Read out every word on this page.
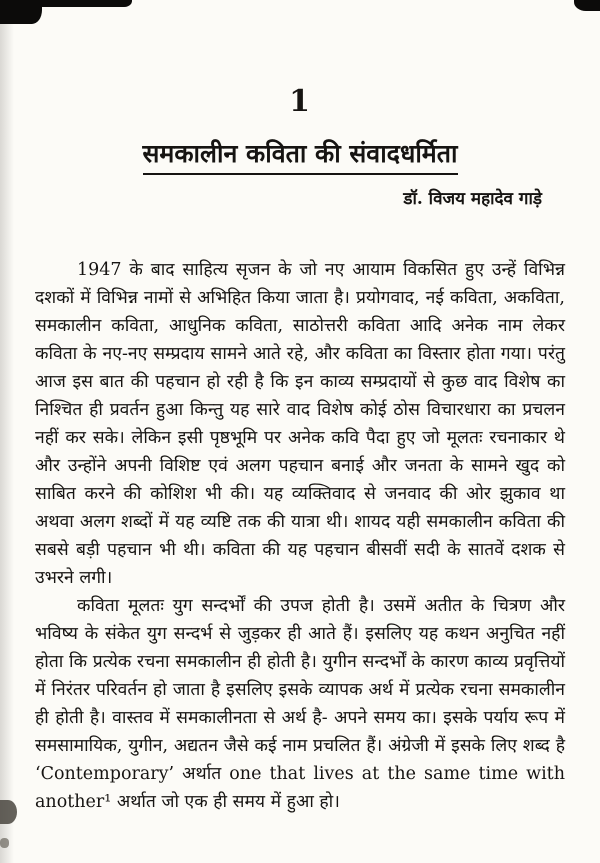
1
समकालीन कविता की संवादधर्मिता
डॉ. विजय महादेव गाड़े

1947 के बाद साहित्य सृजन के जो नए आयाम विकसित हुए उन्हें विभिन्न दशकों में विभिन्न नामों से अभिहित किया जाता है। प्रयोगवाद, नई कविता, अकविता, समकालीन कविता, आधुनिक कविता, साठोत्तरी कविता आदि अनेक नाम लेकर कविता के नए-नए सम्प्रदाय सामने आते रहे, और कविता का विस्तार होता गया। परंतु आज इस बात की पहचान हो रही है कि इन काव्य सम्प्रदायों से कुछ वाद विशेष का निश्चित ही प्रवर्तन हुआ किन्तु यह सारे वाद विशेष कोई ठोस विचारधारा का प्रचलन नहीं कर सके। लेकिन इसी पृष्ठभूमि पर अनेक कवि पैदा हुए जो मूलतः रचनाकार थे और उन्होंने अपनी विशिष्ट एवं अलग पहचान बनाई और जनता के सामने खुद को साबित करने की कोशिश भी की। यह व्यक्तिवाद से जनवाद की ओर झुकाव था अथवा अलग शब्दों में यह व्यष्टि तक की यात्रा थी। शायद यही समकालीन कविता की सबसे बड़ी पहचान भी थी। कविता की यह पहचान बीसवीं सदी के सातवें दशक से उभरने लगी।

कविता मूलतः युग सन्दर्भों की उपज होती है। उसमें अतीत के चित्रण और भविष्य के संकेत युग सन्दर्भ से जुड़कर ही आते हैं। इसलिए यह कथन अनुचित नहीं होता कि प्रत्येक रचना समकालीन ही होती है। युगीन सन्दर्भों के कारण काव्य प्रवृत्तियों में निरंतर परिवर्तन हो जाता है इसलिए इसके व्यापक अर्थ में प्रत्येक रचना समकालीन ही होती है। वास्तव में समकालीनता से अर्थ है- अपने समय का। इसके पर्याय रूप में समसामायिक, युगीन, अद्यतन जैसे कई नाम प्रचलित हैं। अंग्रेजी में इसके लिए शब्द है ‘Contemporary’ अर्थात one that lives at the same time with another¹ अर्थात जो एक ही समय में हुआ हो।
